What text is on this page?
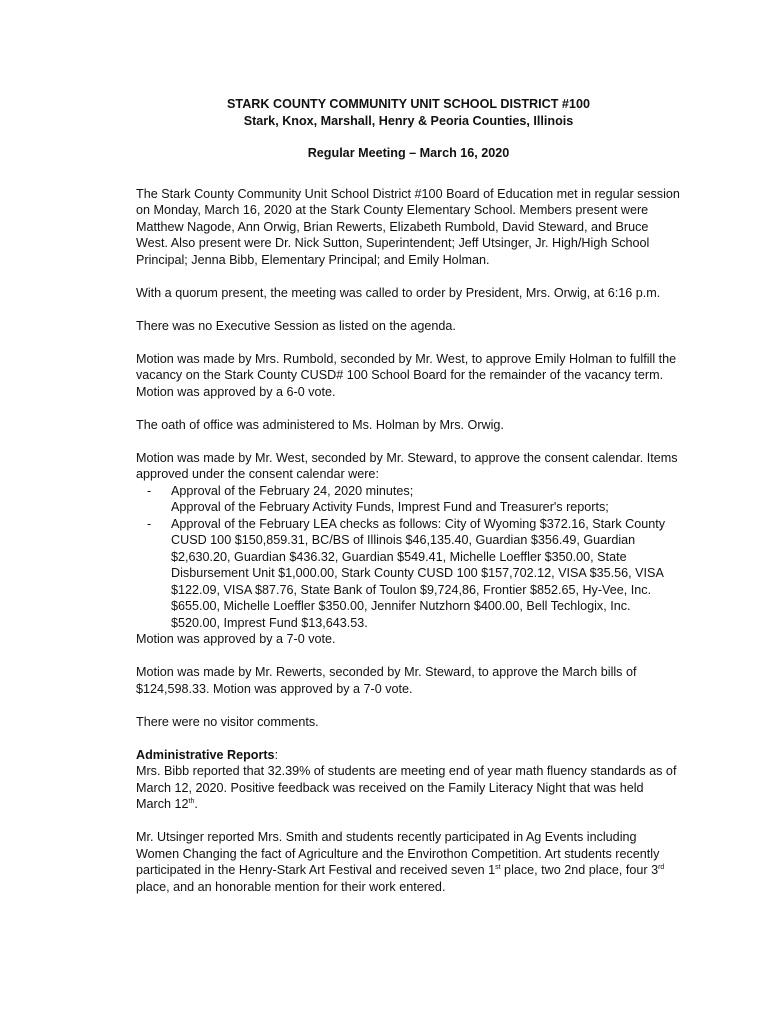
STARK COUNTY COMMUNITY UNIT SCHOOL DISTRICT #100

Stark, Knox, Marshall, Henry & Peoria Counties, Illinois

Regular Meeting – March 16, 2020

The Stark County Community Unit School District #100 Board of Education met in regular session on Monday, March 16, 2020 at the Stark County Elementary School. Members present were Matthew Nagode, Ann Orwig, Brian Rewerts, Elizabeth Rumbold, David Steward, and Bruce West. Also present were Dr. Nick Sutton, Superintendent; Jeff Utsinger, Jr. High/High School Principal; Jenna Bibb, Elementary Principal; and Emily Holman.

With a quorum present, the meeting was called to order by President, Mrs. Orwig, at 6:16 p.m.

There was no Executive Session as listed on the agenda.

Motion was made by Mrs. Rumbold, seconded by Mr. West, to approve Emily Holman to fulfill the vacancy on the Stark County CUSD# 100 School Board for the remainder of the vacancy term. Motion was approved by a 6-0 vote.

The oath of office was administered to Ms. Holman by Mrs. Orwig.

Motion was made by Mr. West, seconded by Mr. Steward, to approve the consent calendar. Items approved under the consent calendar were:

- Approval of the February 24, 2020 minutes;

Approval of the February Activity Funds, Imprest Fund and Treasurer's reports;

- Approval of the February LEA checks as follows: City of Wyoming $372.16, Stark County CUSD 100 $150,859.31, BC/BS of Illinois $46,135.40, Guardian $356.49, Guardian $2,630.20, Guardian $436.32, Guardian $549.41, Michelle Loeffler $350.00, State Disbursement Unit $1,000.00, Stark County CUSD 100 $157,702.12, VISA $35.56, VISA $122.09, VISA $87.76, State Bank of Toulon $9,724,86, Frontier $852.65, Hy-Vee, Inc. $655.00, Michelle Loeffler $350.00, Jennifer Nutzhorn $400.00, Bell Techlogix, Inc. $520.00, Imprest Fund $13,643.53.

Motion was approved by a 7-0 vote.

Motion was made by Mr. Rewerts, seconded by Mr. Steward, to approve the March bills of $124,598.33. Motion was approved by a 7-0 vote.

There were no visitor comments.

Administrative Reports:

Mrs. Bibb reported that 32.39% of students are meeting end of year math fluency standards as of March 12, 2020. Positive feedback was received on the Family Literacy Night that was held March 12th.

Mr. Utsinger reported Mrs. Smith and students recently participated in Ag Events including Women Changing the fact of Agriculture and the Envirothon Competition. Art students recently participated in the Henry-Stark Art Festival and received seven 1st place, two 2nd place, four 3rd place, and an honorable mention for their work entered.
